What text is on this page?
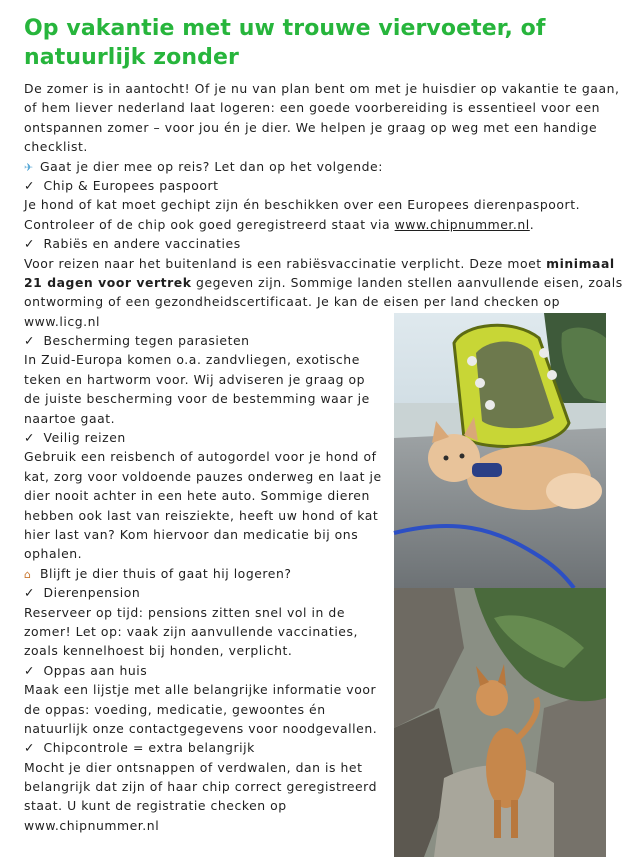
Op vakantie met uw trouwe viervoeter, of natuurlijk zonder
De zomer is in aantocht! Of je nu van plan bent om met je huisdier op vakantie te gaan,
of hem liever nederland laat logeren: een goede voorbereiding is essentieel voor een
ontspannen zomer – voor jou én je dier. We helpen je graag op weg met een handige
checklist.
✈ Gaat je dier mee op reis? Let dan op het volgende:
✓ Chip & Europees paspoort
Je hond of kat moet gechipt zijn én beschikken over een Europees dierenpaspoort.
Controleer of de chip ook goed geregistreerd staat via www.chipnummer.nl.
✓ Rabiës en andere vaccinaties
Voor reizen naar het buitenland is een rabiësvaccinatie verplicht. Deze moet minimaal
21 dagen voor vertrek gegeven zijn. Sommige landen stellen aanvullende eisen, zoals
ontworming of een gezondheidscertificaat. Je kan de eisen per land checken op
www.licg.nl
✓ Bescherming tegen parasieten
In Zuid-Europa komen o.a. zandvliegen, exotische
teken en hartworm voor. Wij adviseren je graag op
de juiste bescherming voor de bestemming waar je
naartoe gaat.
✓ Veilig reizen
Gebruik een reisbench of autogordel voor je hond of
kat, zorg voor voldoende pauzes onderweg en laat je
dier nooit achter in een hete auto. Sommige dieren
hebben ook last van reisziekte, heeft uw hond of kat
hier last van? Kom hiervoor dan medicatie bij ons
ophalen.
⌂ Blijft je dier thuis of gaat hij logeren?
✓ Dierenpension
Reserveer op tijd: pensions zitten snel vol in de
zomer! Let op: vaak zijn aanvullende vaccinaties,
zoals kennelhoest bij honden, verplicht.
✓ Oppas aan huis
Maak een lijstje met alle belangrijke informatie voor
de oppas: voeding, medicatie, gewoontes én
natuurlijk onze contactgegevens voor noodgevallen.
✓ Chipcontrole = extra belangrijk
Mocht je dier ontsnappen of verdwalen, dan is het
belangrijk dat zijn of haar chip correct geregistreerd
staat. U kunt de registratie checken op
www.chipnummer.nl
